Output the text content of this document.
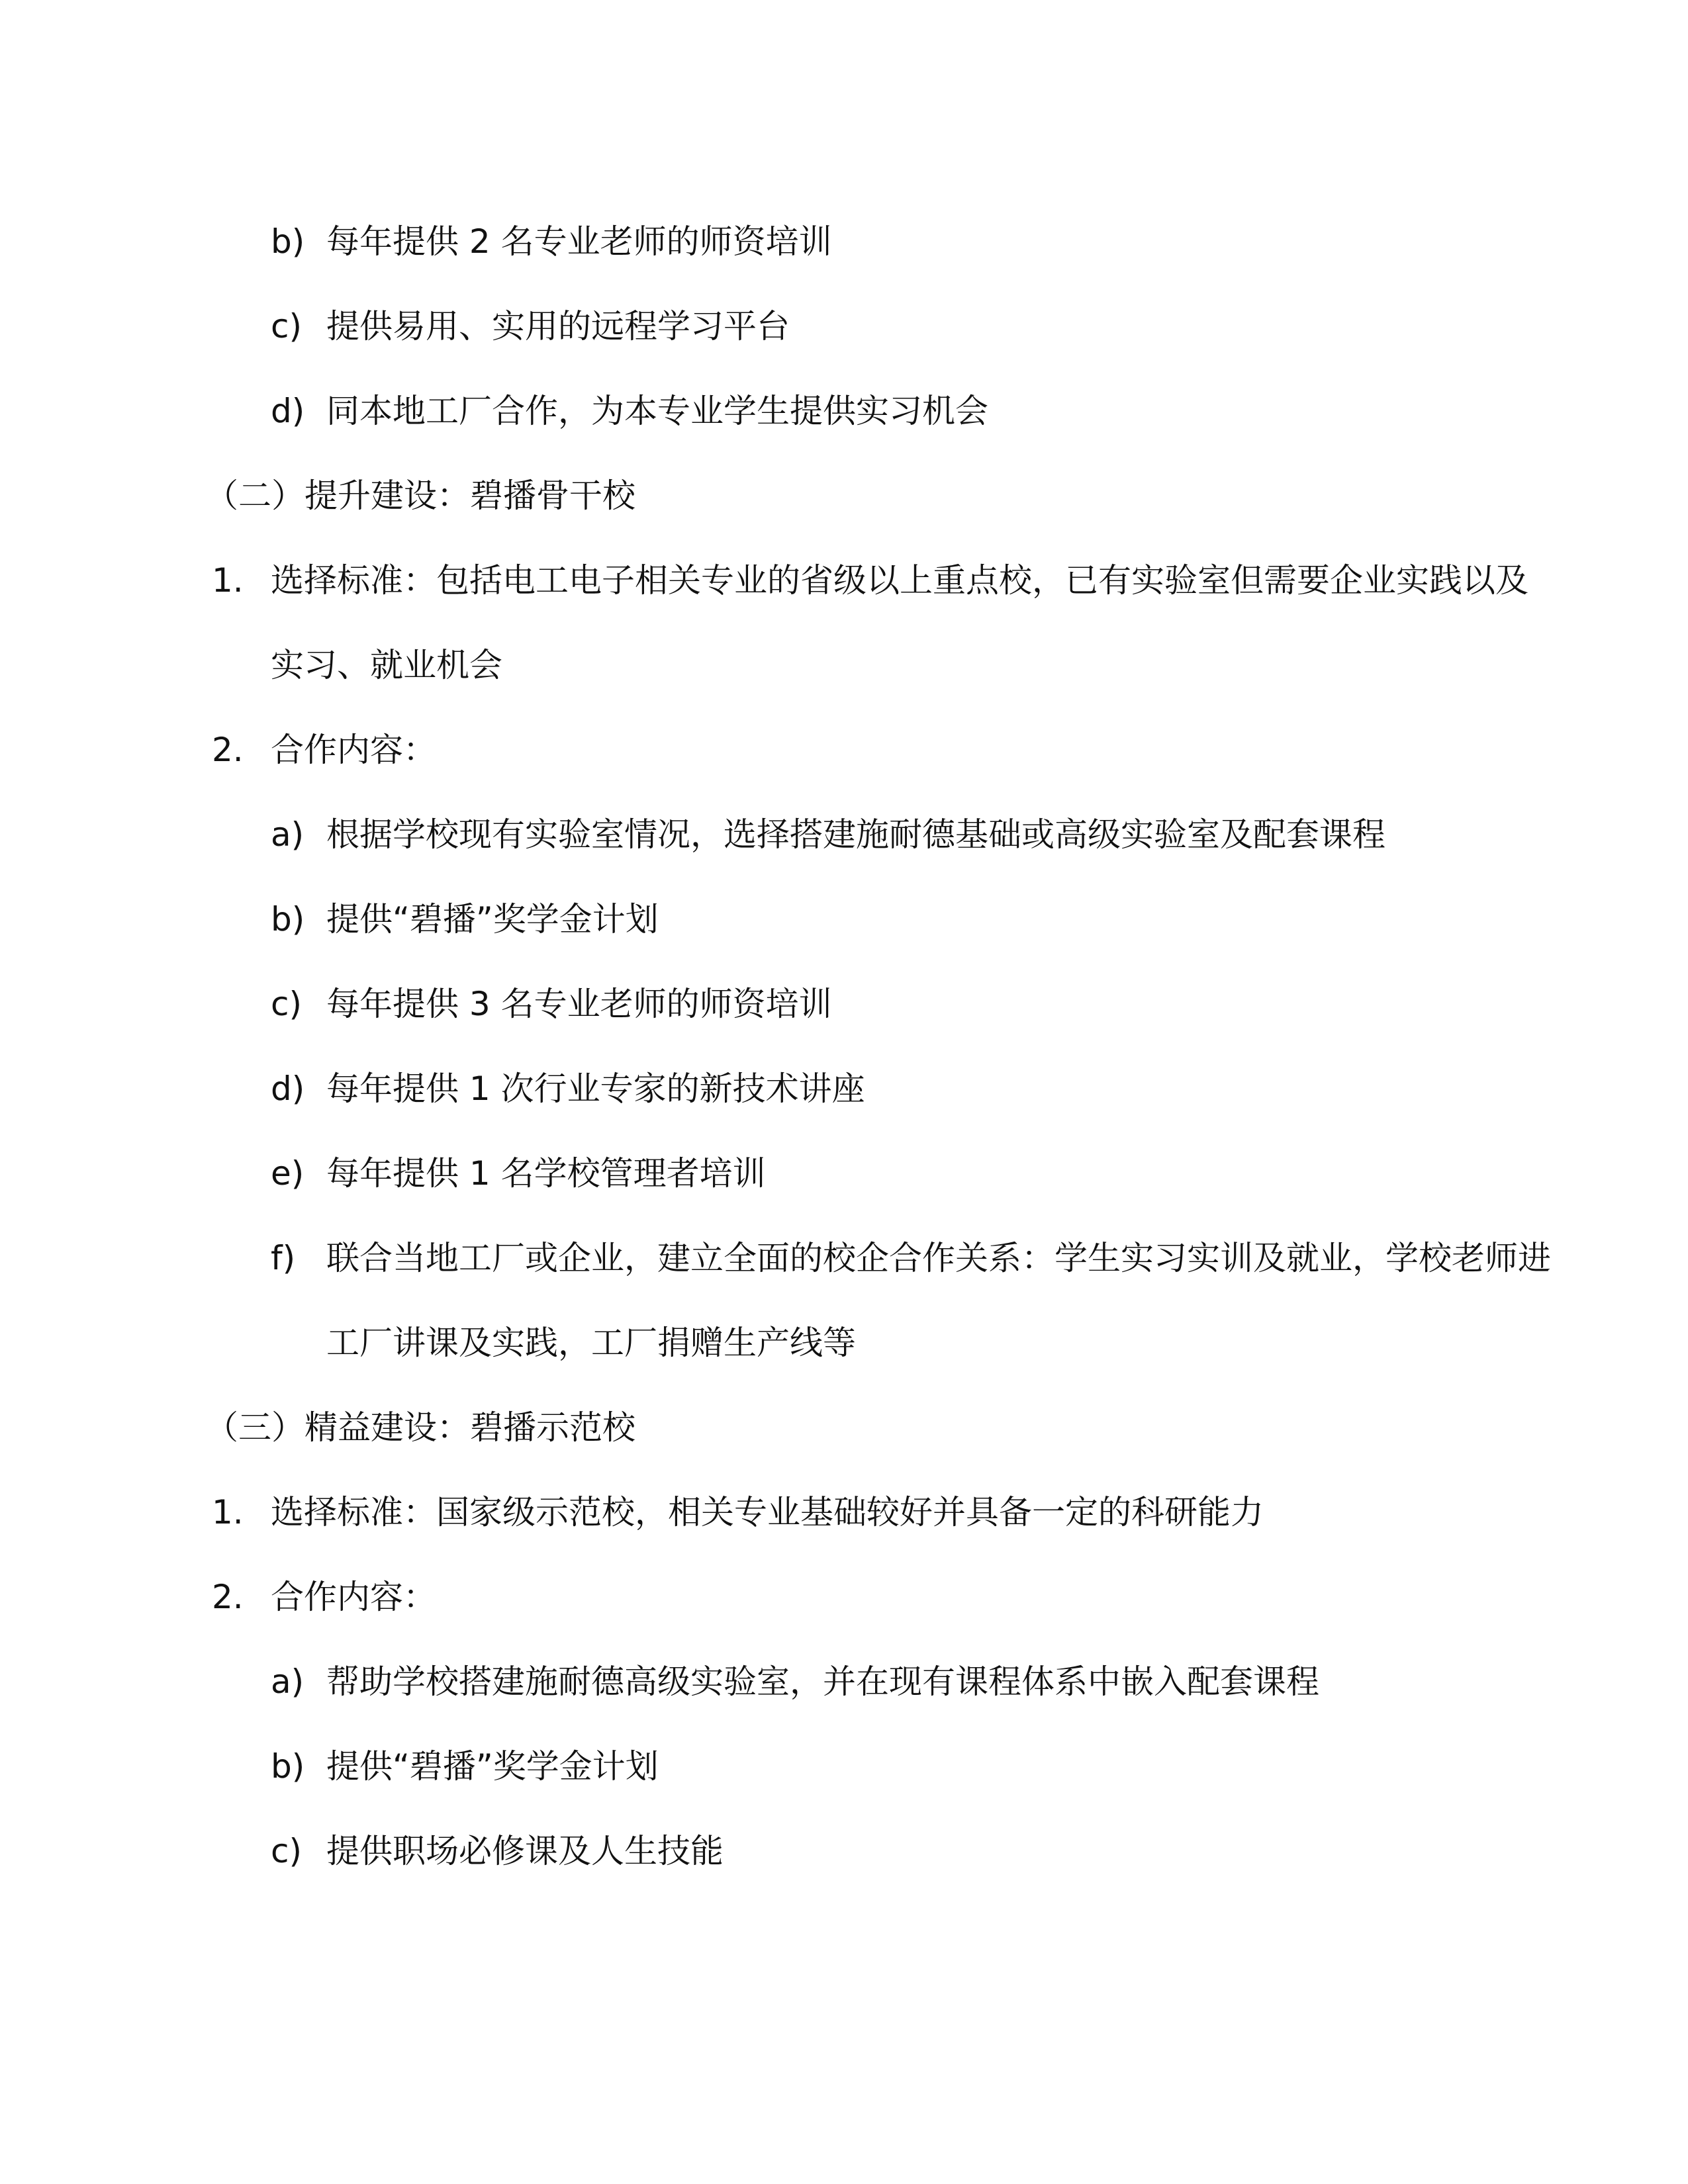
b) 每年提供 2 名专业老师的师资培训
c) 提供易用、实用的远程学习平台
d) 同本地工厂合作，为本专业学生提供实习机会
（二）提升建设：碧播骨干校
1. 选择标准：包括电工电子相关专业的省级以上重点校，已有实验室但需要企业实践以及
实习、就业机会
2. 合作内容：
a) 根据学校现有实验室情况，选择搭建施耐德基础或高级实验室及配套课程
b) 提供“碧播”奖学金计划
c) 每年提供 3 名专业老师的师资培训
d) 每年提供 1 次行业专家的新技术讲座
e) 每年提供 1 名学校管理者培训
f) 联合当地工厂或企业，建立全面的校企合作关系：学生实习实训及就业，学校老师进
工厂讲课及实践，工厂捐赠生产线等
（三）精益建设：碧播示范校
1. 选择标准：国家级示范校，相关专业基础较好并具备一定的科研能力
2. 合作内容：
a) 帮助学校搭建施耐德高级实验室，并在现有课程体系中嵌入配套课程
b) 提供“碧播”奖学金计划
c) 提供职场必修课及人生技能
